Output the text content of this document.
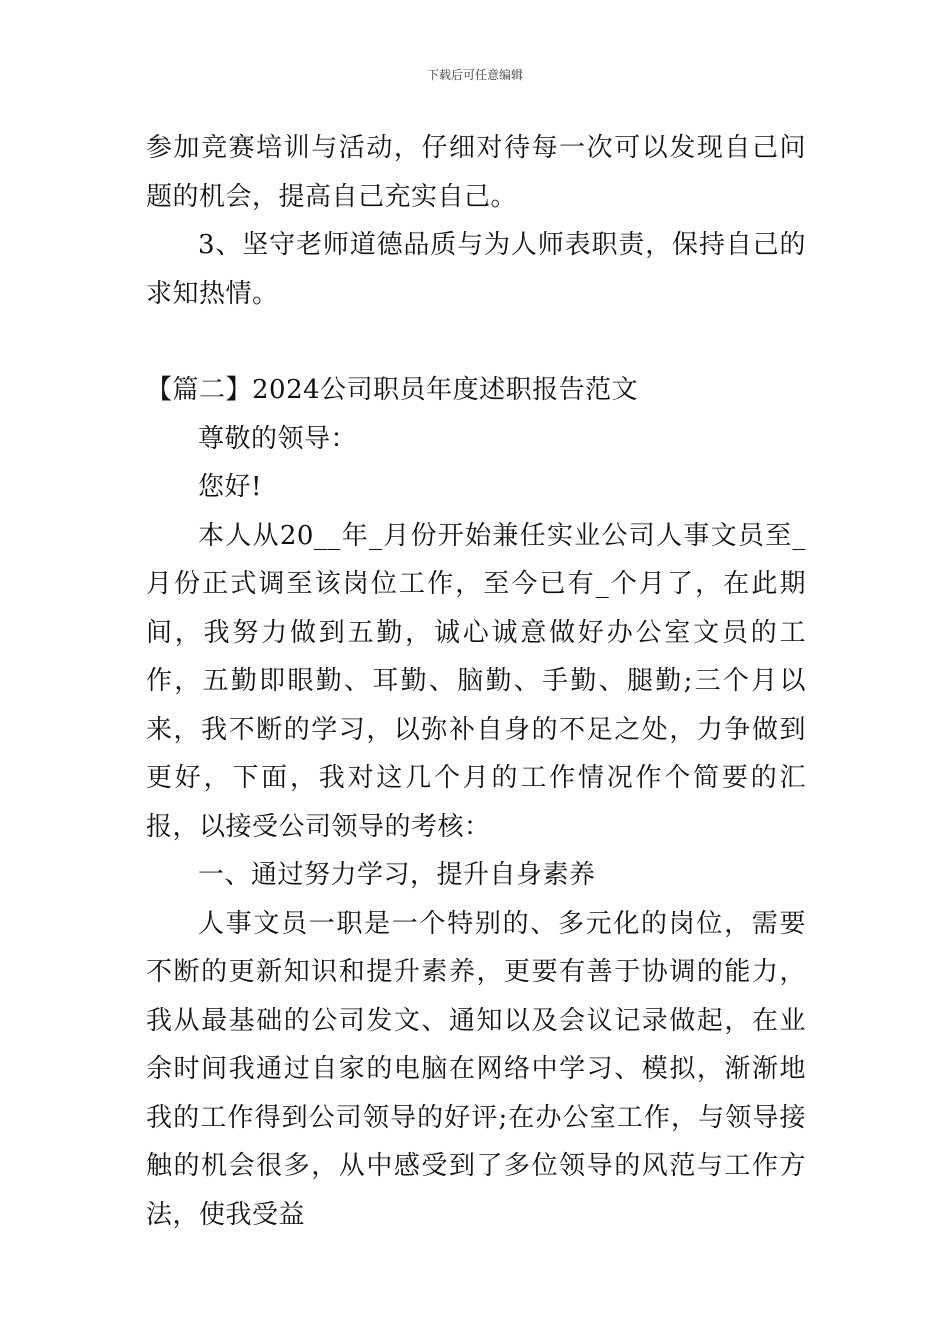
下载后可任意编辑

参加竞赛培训与活动，仔细对待每一次可以发现自己问题的机会，提高自己充实自己。

3、坚守老师道德品质与为人师表职责，保持自己的求知热情。

【篇二】2024公司职员年度述职报告范文

尊敬的领导：

您好!

本人从20__年_月份开始兼任实业公司人事文员至_月份正式调至该岗位工作，至今已有_个月了，在此期间，我努力做到五勤，诚心诚意做好办公室文员的工作，五勤即眼勤、耳勤、脑勤、手勤、腿勤;三个月以来，我不断的学习，以弥补自身的不足之处，力争做到更好，下面，我对这几个月的工作情况作个简要的汇报，以接受公司领导的考核：

一、通过努力学习，提升自身素养

人事文员一职是一个特别的、多元化的岗位，需要不断的更新知识和提升素养，更要有善于协调的能力，我从最基础的公司发文、通知以及会议记录做起，在业余时间我通过自家的电脑在网络中学习、模拟，渐渐地我的工作得到公司领导的好评;在办公室工作，与领导接触的机会很多，从中感受到了多位领导的风范与工作方法，使我受益
